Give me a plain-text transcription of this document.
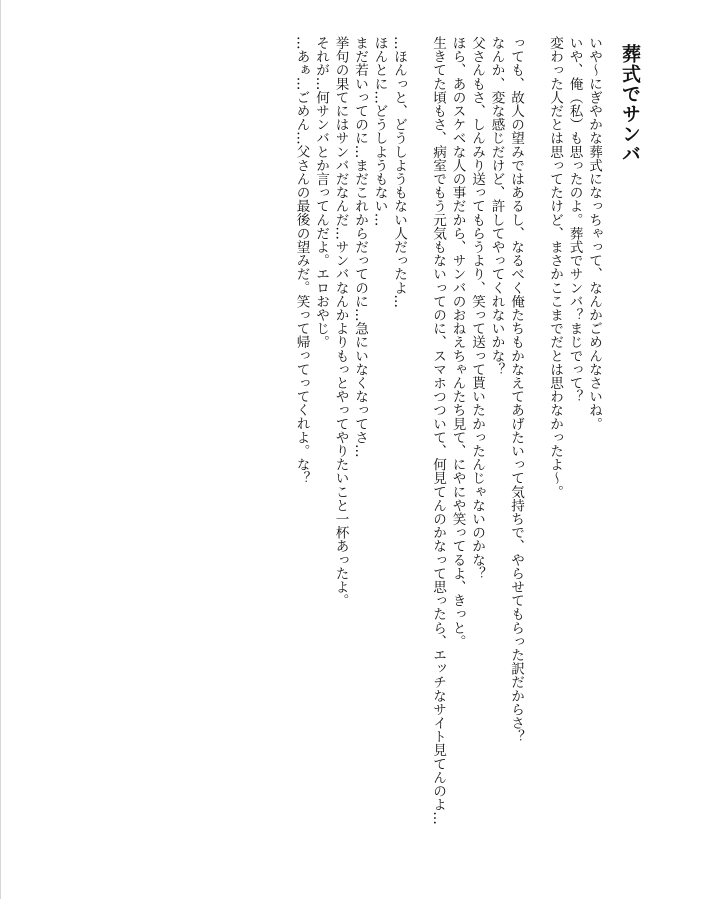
葬式でサンバ
いや〜にぎやかな葬式になっちゃって、なんかごめんなさいね。
いや、俺（私）も思ったのよ。葬式でサンバ？まじでって？
変わった人だとは思ってたけど、まさかここまでだとは思わなかったよ〜。
っても、故人の望みではあるし、なるべく俺たちもかなえてあげたいって気持ちで、やらせてもらった訳だからさ？
なんか、変な感じだけど、許してやってくれないかな？
父さんもさ、しんみり送ってもらうより、笑って送って貰いたかったんじゃないのかな？
ほら、あのスケベな人の事だから、サンバのおねえちゃんたち見て、にやにや笑ってるよ、きっと。
生きてた頃もさ、病室でもう元気もないってのに、スマホつついて、何見てんのかなって思ったら、エッチなサイト見てんのよ…
…ほんっと、どうしようもない人だったよ…
ほんとに…どうしようもない…
まだ若いってのに…まだこれからだってのに…急にいなくなってさ…
挙句の果てにはサンバだなんだ…サンバなんかよりもっとやってやりたいこと一杯あったよ。
それが…何サンバとか言ってんだよ。エロおやじ。
…あぁ…ごめん…父さんの最後の望みだ。笑って帰ってってくれよ。な？
